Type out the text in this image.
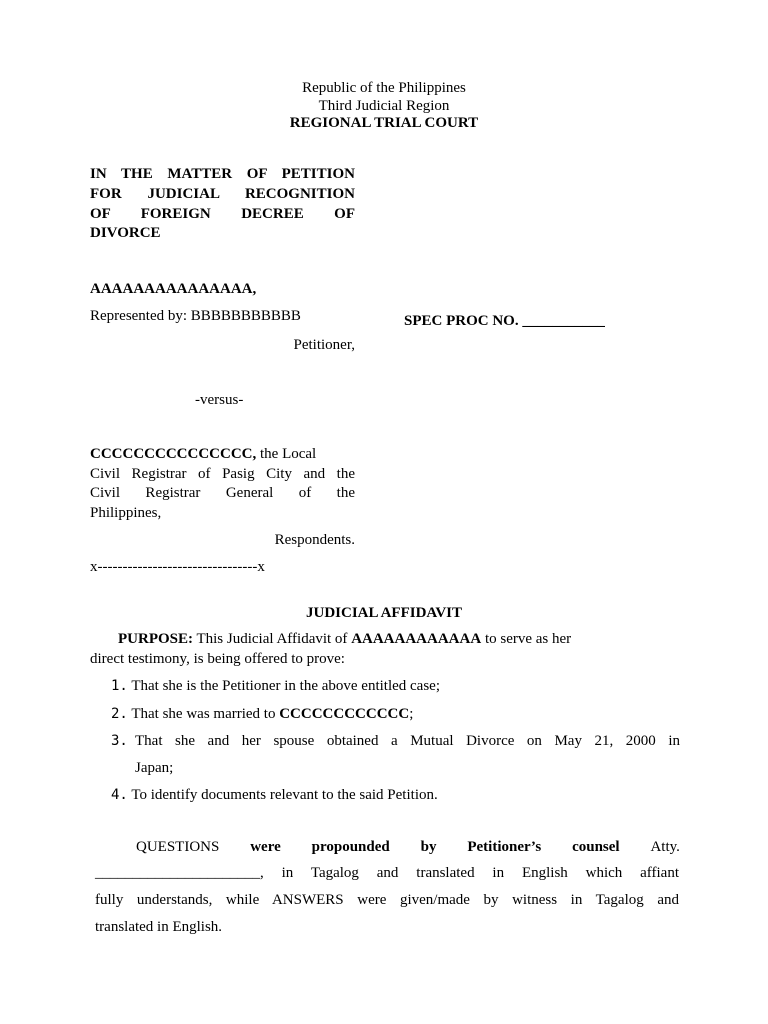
Republic of the Philippines
Third Judicial Region
REGIONAL TRIAL COURT
IN THE MATTER OF PETITION
FOR JUDICIAL RECOGNITION
OF FOREIGN DECREE OF
DIVORCE
AAAAAAAAAAAAAAA,
Represented by: BBBBBBBBBBB
Petitioner,
SPEC PROC NO. ___________
-versus-
CCCCCCCCCCCCCCC, the Local
Civil Registrar of Pasig City and the
Civil Registrar General of the
Philippines,
Respondents.
x--------------------------------x
JUDICIAL AFFIDAVIT
PURPOSE: This Judicial Affidavit of AAAAAAAAAAAA to serve as her
direct testimony, is being offered to prove:
1. That she is the Petitioner in the above entitled case;
2. That she was married to CCCCCCCCCCCC;
3. That she and her spouse obtained a Mutual Divorce on May 21, 2000 in
Japan;
4. To identify documents relevant to the said Petition.
QUESTIONS were propounded by Petitioner’s counsel Atty.
______________________, in Tagalog and translated in English which affiant
fully understands, while ANSWERS were given/made by witness in Tagalog and
translated in English.
